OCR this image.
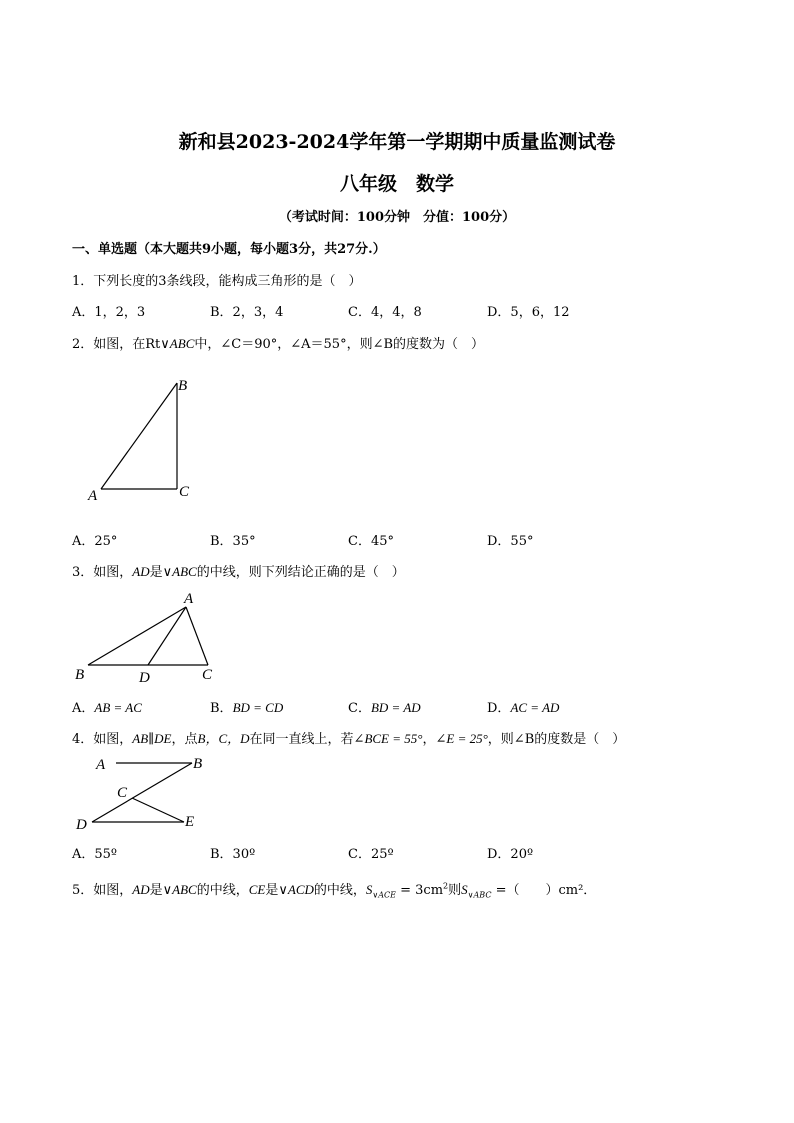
新和县2023-2024学年第一学期期中质量监测试卷
八年级　数学
（考试时间：100分钟　分值：100分）
一、单选题（本大题共9小题，每小题3分，共27分.）
1．下列长度的3条线段，能构成三角形的是（　）
A．1，2，3	B．2，3，4	C．4，4，8	D．5，6，12
2．如图，在Rt∨ABC中，∠C＝90°，∠A＝55°，则∠B的度数为（　）
A
B
C
A．25°	B．35°	C．45°	D．55°
3．如图，AD是∨ABC的中线，则下列结论正确的是（　）
A
B	D	C
A．AB = AC	B．BD = CD	C．BD = AD	D．AC = AD
4．如图，AB∥DE，点B，C，D在同一直线上，若∠BCE = 55°，∠E = 25°，则∠B的度数是（　）
A	B
C
D	E
A．55º	B．30º	C．25º	D．20º
5．如图，AD是∨ABC的中线，CE是∨ACD的中线，$S_{\vee ACE} = 3cm^2$则$S_{\vee ABC}$ =（　　）cm²．
